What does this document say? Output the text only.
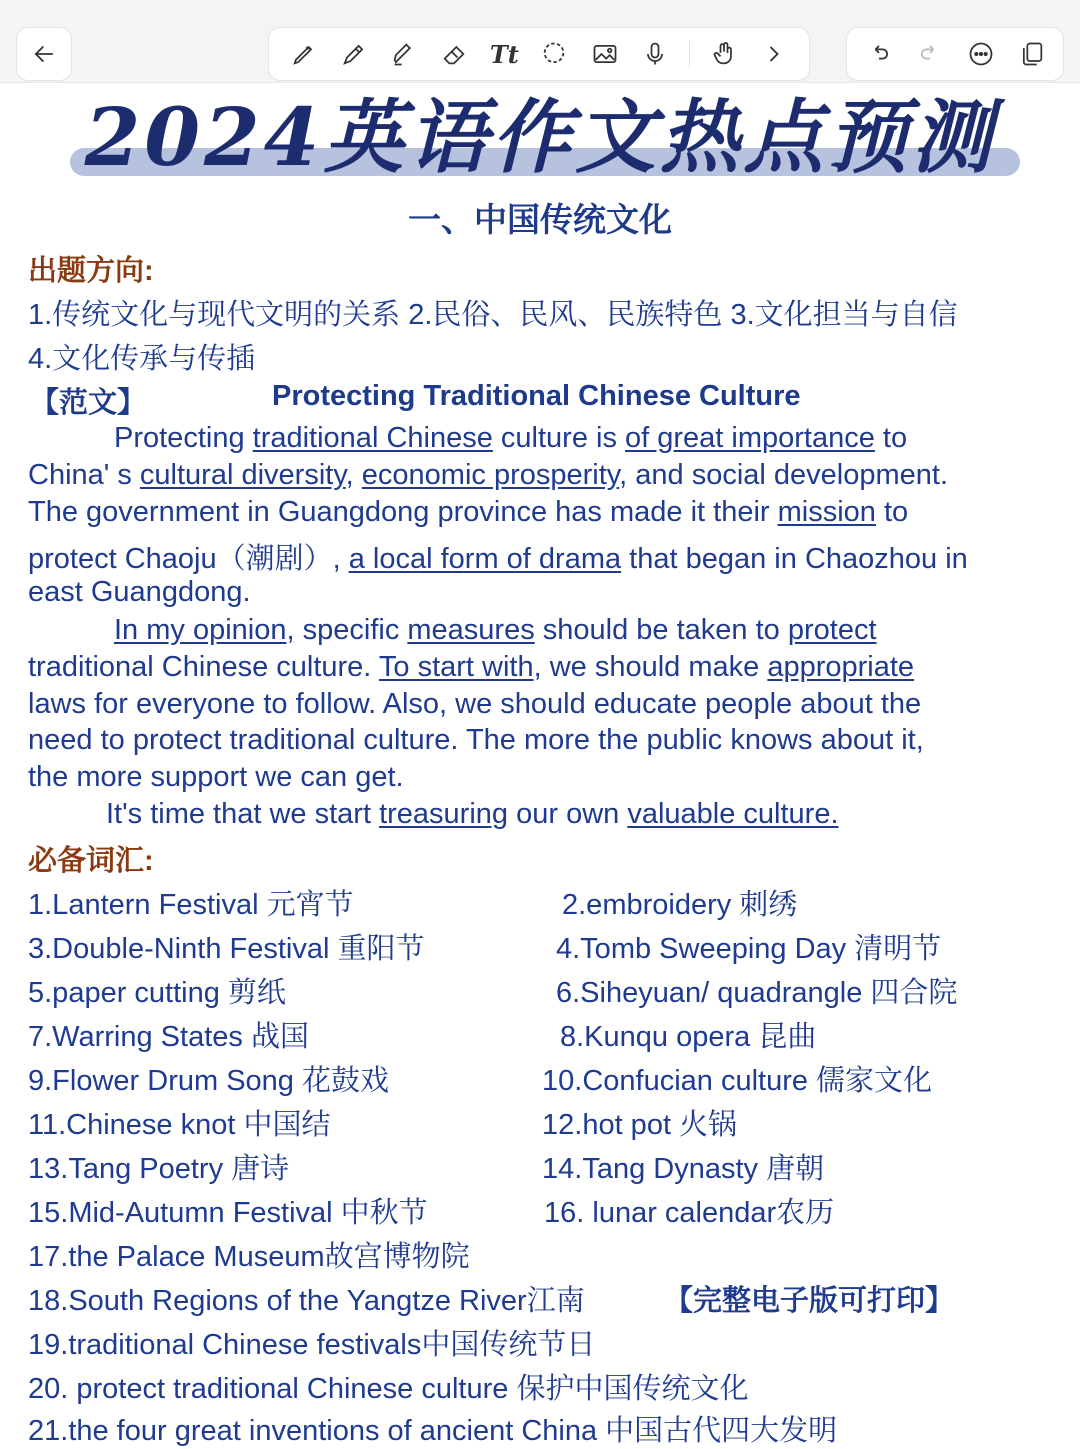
Tt
2024英语作文热点预测
一、中国传统文化
出题方向:
1.传统文化与现代文明的关系 2.民俗、民风、民族特色 3.文化担当与自信
4.文化传承与传插
【范文】	Protecting Traditional Chinese Culture
Protecting traditional Chinese culture is of great importance to
China' s cultural diversity, economic prosperity, and social development.
The government in Guangdong province has made it their mission to
protect Chaoju（潮剧）, a local form of drama that began in Chaozhou in
east Guangdong.
In my opinion, specific measures should be taken to protect
traditional Chinese culture. To start with, we should make appropriate
laws for everyone to follow. Also, we should educate people about the
need to protect traditional culture. The more the public knows about it,
the more support we can get.
It's time that we start treasuring our own valuable culture.
必备词汇:
1.Lantern Festival 元宵节	2.embroidery 刺绣
3.Double-Ninth Festival 重阳节	4.Tomb Sweeping Day 清明节
5.paper cutting 剪纸	6.Siheyuan/ quadrangle 四合院
7.Warring States 战国	8.Kunqu opera 昆曲
9.Flower Drum Song 花鼓戏	10.Confucian culture 儒家文化
11.Chinese knot 中国结	12.hot pot 火锅
13.Tang Poetry 唐诗	14.Tang Dynasty 唐朝
15.Mid-Autumn Festival 中秋节	16. lunar calendar农历
17.the Palace Museum故宫博物院
18.South Regions of the Yangtze River江南	【完整电子版可打印】
19.traditional Chinese festivals中国传统节日
20. protect traditional Chinese culture 保护中国传统文化
21.the four great inventions of ancient China 中国古代四大发明
